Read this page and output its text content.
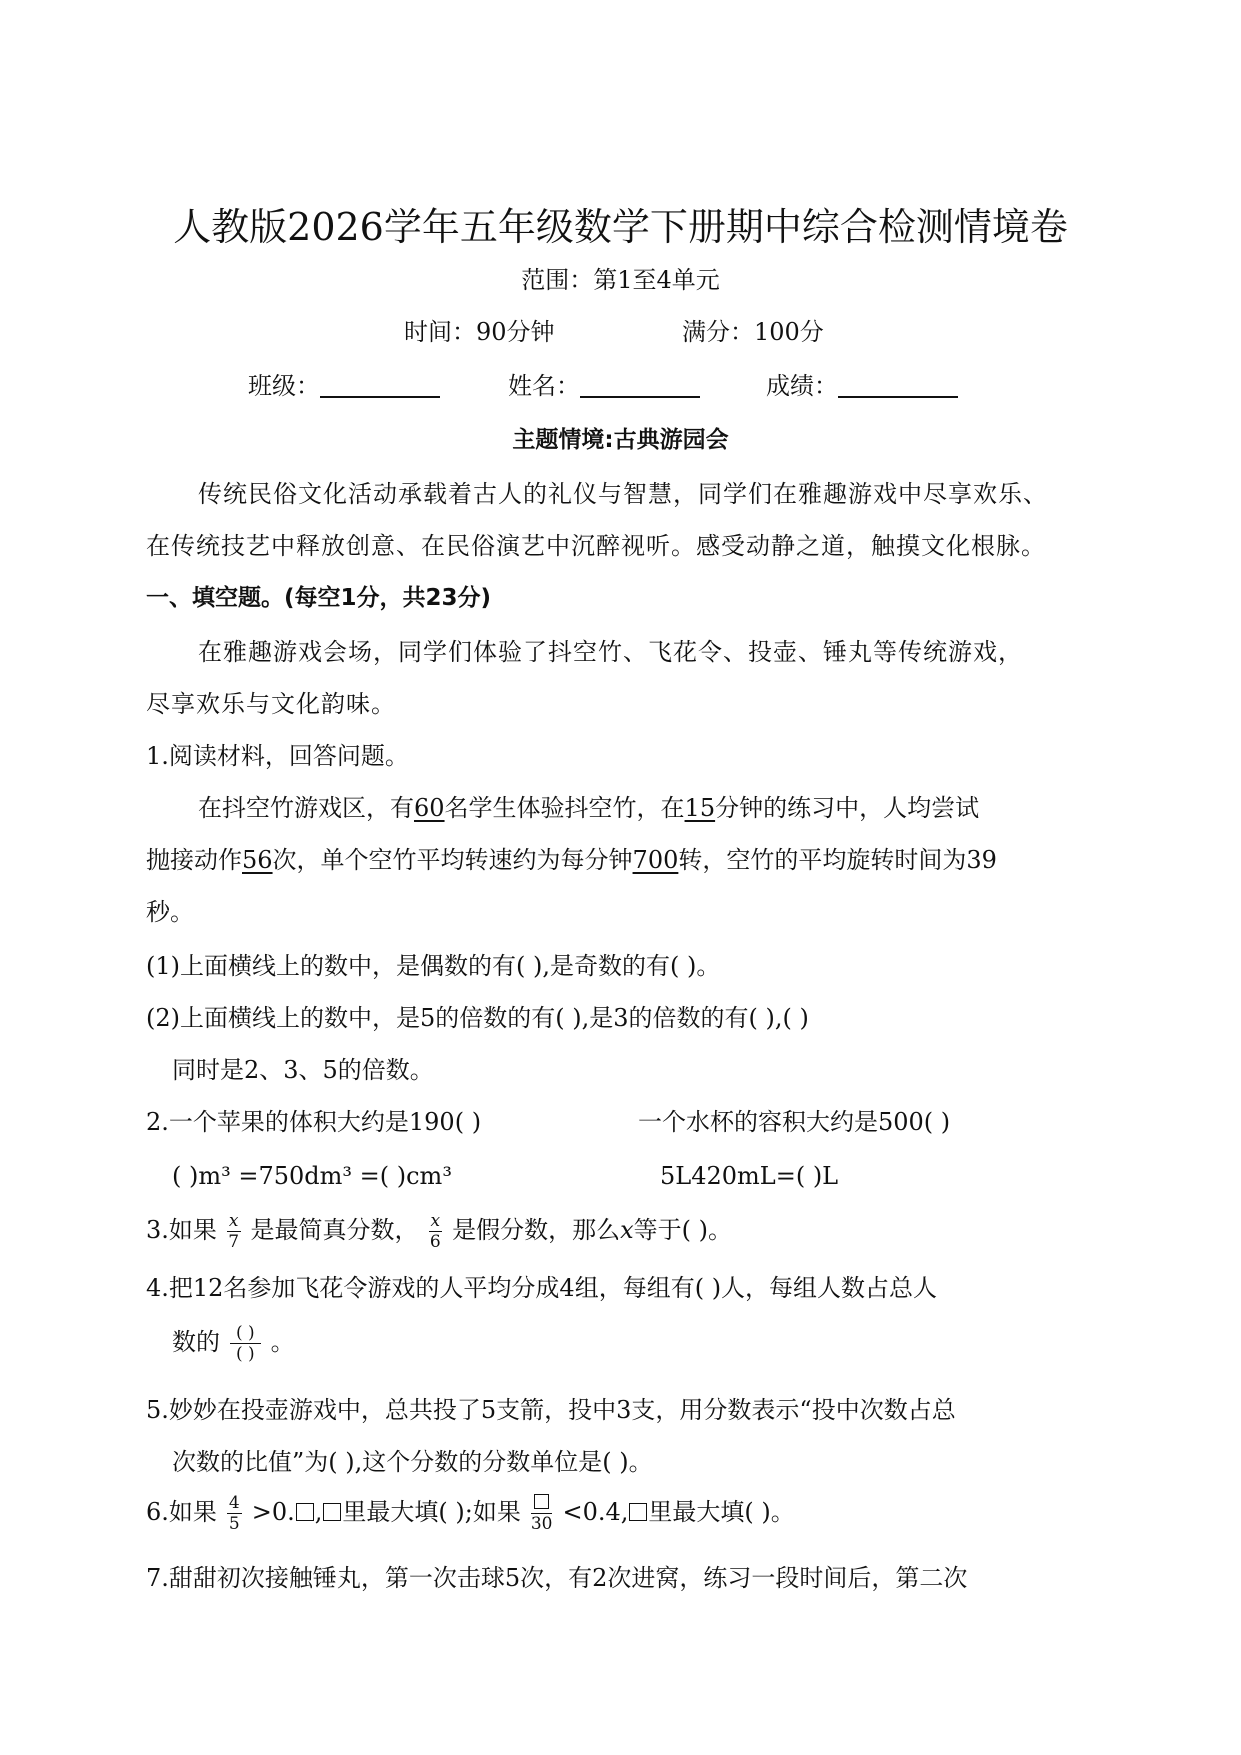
人教版2026学年五年级数学下册期中综合检测情境卷
范围：第1至4单元
时间：90分钟	满分：100分
班级：	姓名：	成绩：
主题情境:古典游园会
传统民俗文化活动承载着古人的礼仪与智慧，同学们在雅趣游戏中尽享欢乐、
在传统技艺中释放创意、在民俗演艺中沉醉视听。感受动静之道，触摸文化根脉。
一、填空题。(每空1分，共23分)
在雅趣游戏会场，同学们体验了抖空竹、飞花令、投壶、锤丸等传统游戏，
尽享欢乐与文化韵味。
1.阅读材料，回答问题。
在抖空竹游戏区，有60名学生体验抖空竹，在15分钟的练习中，人均尝试
抛接动作56次，单个空竹平均转速约为每分钟700转，空竹的平均旋转时间为39
秒。
(1)上面横线上的数中，是偶数的有( ),是奇数的有( )。
(2)上面横线上的数中，是5的倍数的有( ),是3的倍数的有( ),( )
同时是2、3、5的倍数。
2.一个苹果的体积大约是190( )	一个水杯的容积大约是500( )
( )m³ =750dm³ =( )cm³	5L420mL=( )L
3.如果 $\frac{x}{7}$ 是最简真分数， $\frac{x}{6}$ 是假分数，那么x等于( )。
4.把12名参加飞花令游戏的人平均分成4组，每组有( )人，每组人数占总人
数的 $\frac{( )}{( )}$ 。
5.妙妙在投壶游戏中，总共投了5支箭，投中3支，用分数表示“投中次数占总
次数的比值”为( ),这个分数的分数单位是( )。
6.如果 $\frac{4}{5} >0$. , 里最大填( );如果 30 <0.4, 里最大填( )。
7.甜甜初次接触锤丸，第一次击球5次，有2次进窝，练习一段时间后，第二次
